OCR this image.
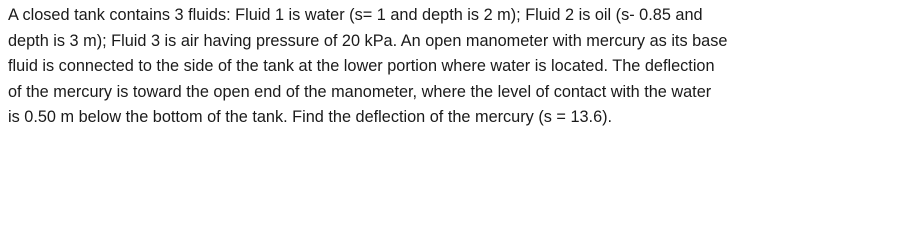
A closed tank contains 3 fluids: Fluid 1 is water (s= 1 and depth is 2 m); Fluid 2 is oil (s- 0.85 and
depth is 3 m); Fluid 3 is air having pressure of 20 kPa. An open manometer with mercury as its base
fluid is connected to the side of the tank at the lower portion where water is located. The deflection
of the mercury is toward the open end of the manometer, where the level of contact with the water
is 0.50 m below the bottom of the tank. Find the deflection of the mercury (s = 13.6).
